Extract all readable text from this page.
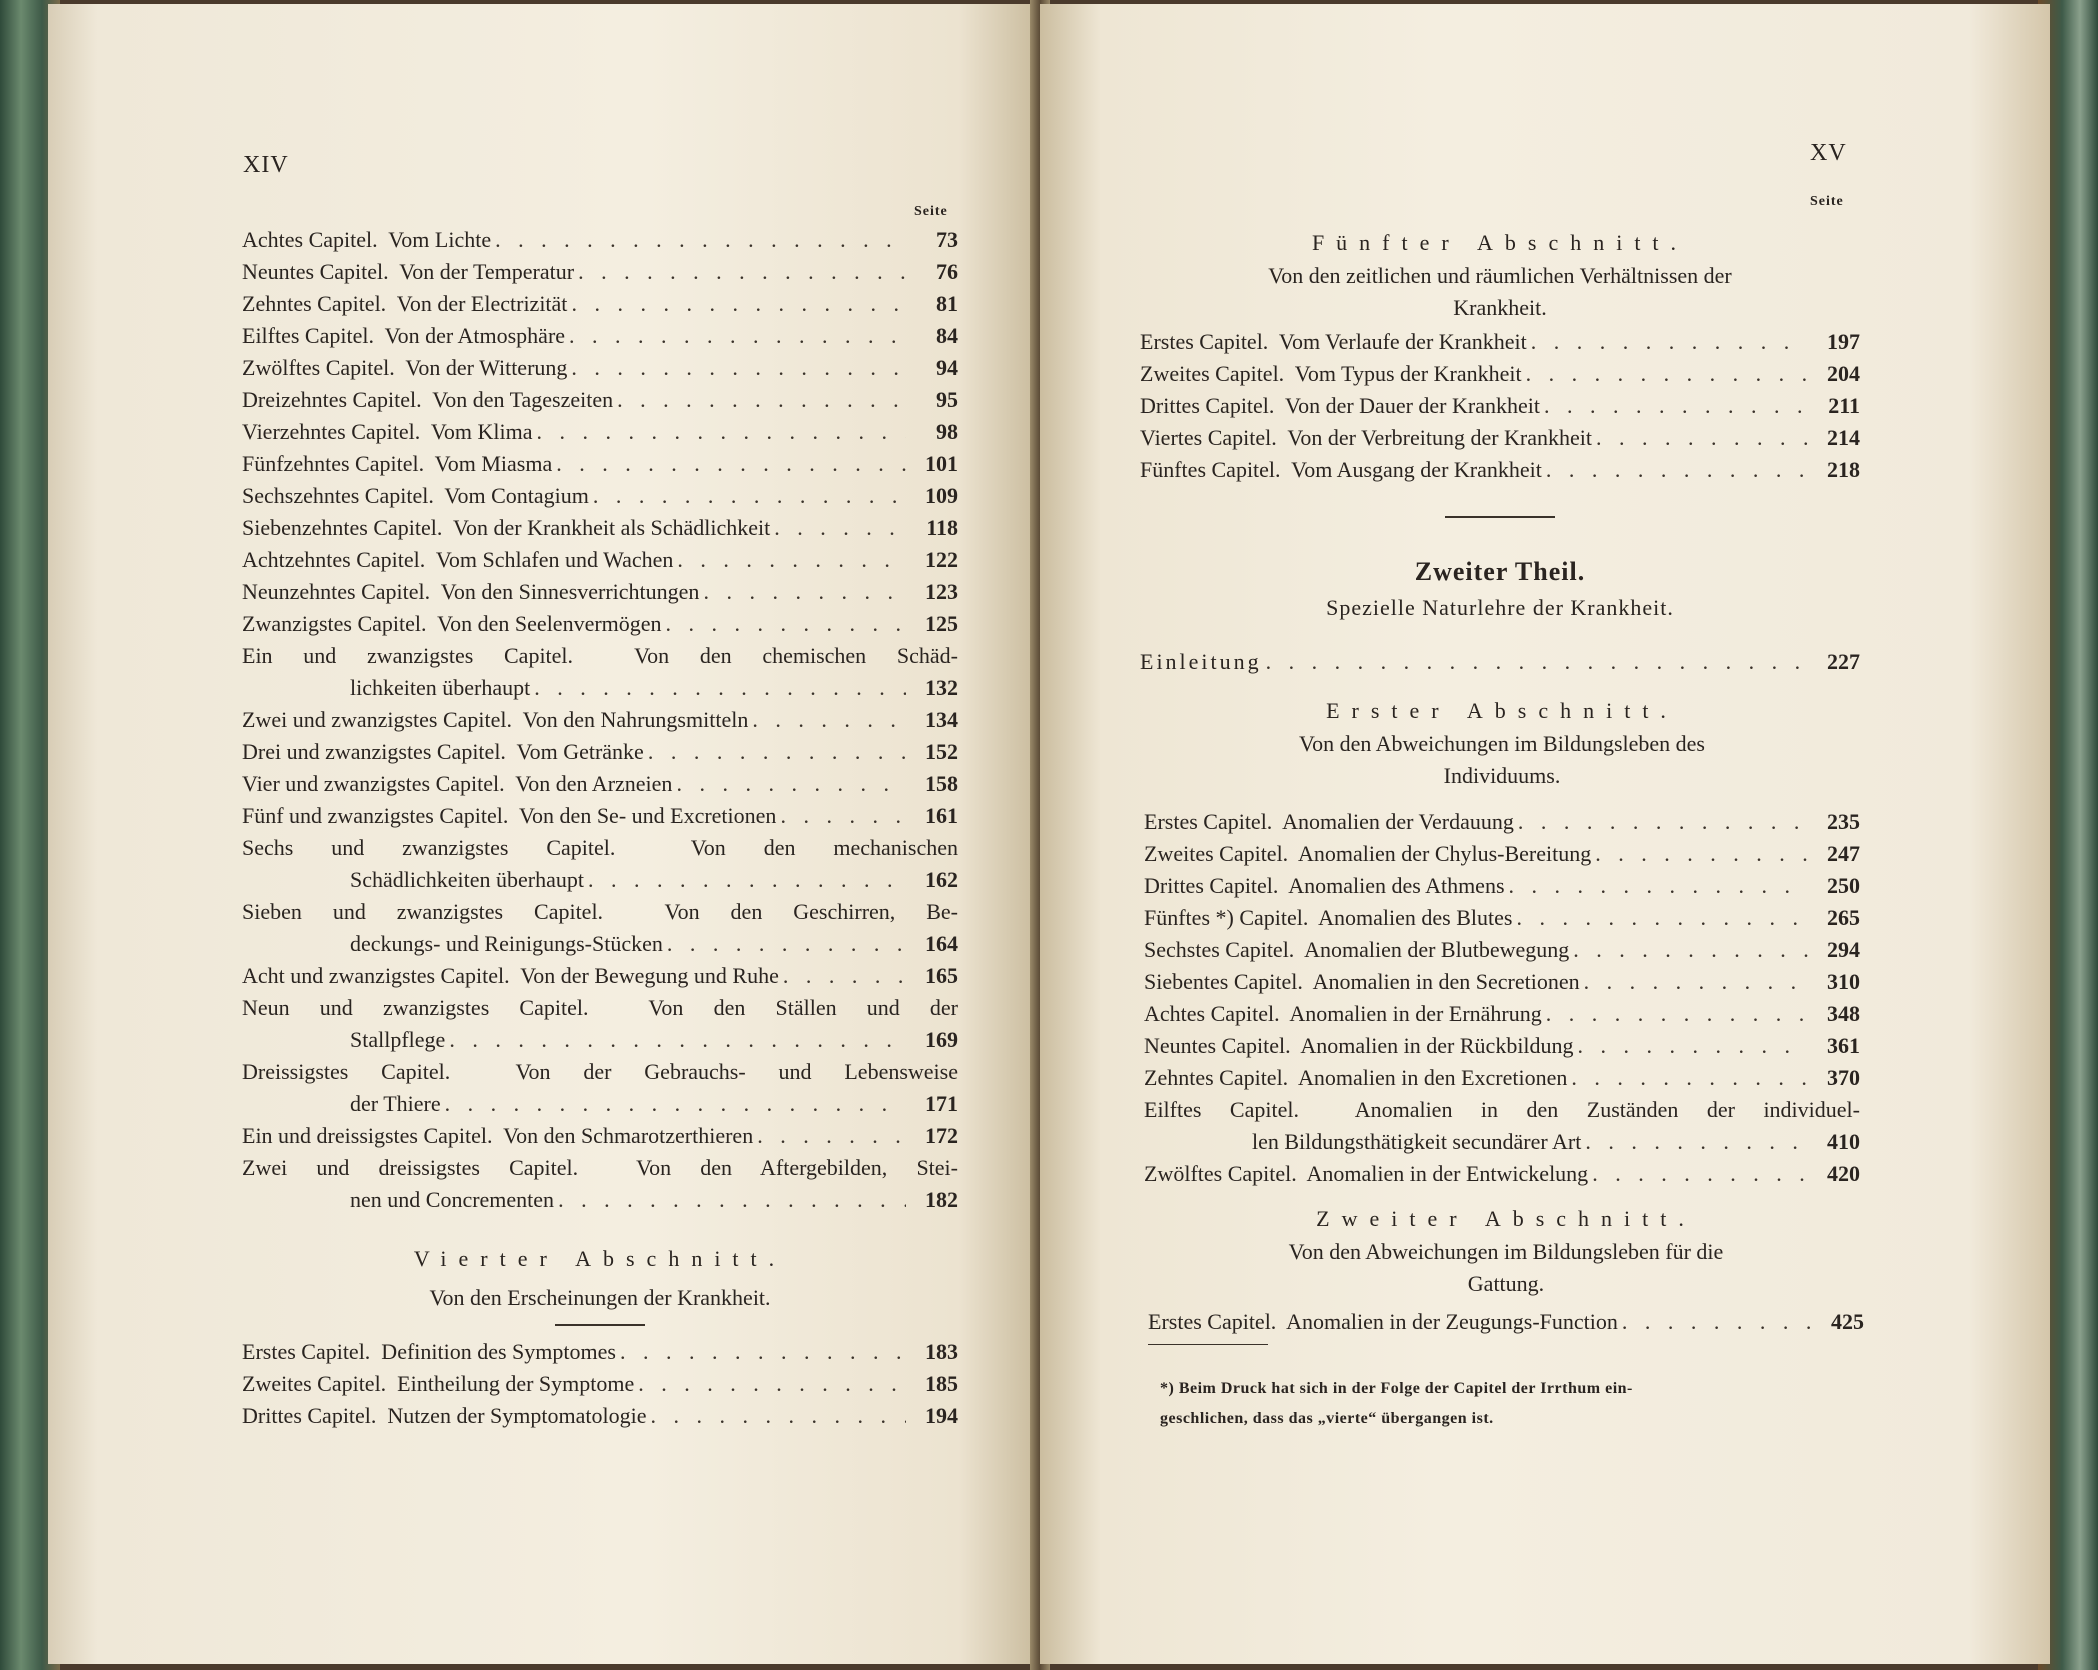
XIV
Seite
Achtes Capitel.  Vom Lichte . . .	73
Neuntes Capitel.  Von der Temperatur . . .	76
Zehntes Capitel.  Von der Electrizität . . .	81
Eilftes Capitel.  Von der Atmosphäre . . .	84
Zwölftes Capitel.  Von der Witterung . . .	94
Dreizehntes Capitel.  Von den Tageszeiten . . .	95
Vierzehntes Capitel.  Vom Klima . . .	98
Fünfzehntes Capitel.  Vom Miasma . . .	101
Sechszehntes Capitel.  Vom Contagium . . .	109
Siebenzehntes Capitel.  Von der Krankheit als Schädlichkeit . . .	118
Achtzehntes Capitel.  Vom Schlafen und Wachen . . .	122
Neunzehntes Capitel.  Von den Sinnesverrichtungen . . .	123
Zwanzigstes Capitel.  Von den Seelenvermögen . . .	125
Ein und zwanzigstes Capitel.  Von den chemischen Schäd-
lichkeiten überhaupt . . .	132
Zwei und zwanzigstes Capitel.  Von den Nahrungsmitteln . . .	134
Drei und zwanzigstes Capitel.  Vom Getränke . . .	152
Vier und zwanzigstes Capitel.  Von den Arzneien . . .	158
Fünf und zwanzigstes Capitel.  Von den Se- und Excretionen . . .	161
Sechs und zwanzigstes Capitel.  Von den mechanischen
Schädlichkeiten überhaupt . . .	162
Sieben und zwanzigstes Capitel.  Von den Geschirren, Be-
deckungs- und Reinigungs-Stücken . . .	164
Acht und zwanzigstes Capitel.  Von der Bewegung und Ruhe . . .	165
Neun und zwanzigstes Capitel.  Von den Ställen und der
Stallpflege . . .	169
Dreissigstes Capitel.  Von der Gebrauchs- und Lebensweise
der Thiere . . .	171
Ein und dreissigstes Capitel.  Von den Schmarotzerthieren . . .	172
Zwei und dreissigstes Capitel.  Von den Aftergebilden, Stei-
nen und Concrementen . . .	182
Vierter Abschnitt.
Von den Erscheinungen der Krankheit.
Erstes Capitel.  Definition des Symptomes . . .	183
Zweites Capitel.  Eintheilung der Symptome . . .	185
Drittes Capitel.  Nutzen der Symptomatologie . . .	194
XV
Seite
Fünfter Abschnitt.
Von den zeitlichen und räumlichen Verhältnissen der
Krankheit.
Erstes Capitel.  Vom Verlaufe der Krankheit . . .	197
Zweites Capitel.  Vom Typus der Krankheit . . .	204
Drittes Capitel.  Von der Dauer der Krankheit . . .	211
Viertes Capitel.  Von der Verbreitung der Krankheit . . .	214
Fünftes Capitel.  Vom Ausgang der Krankheit . . .	218
Zweiter Theil.
Spezielle Naturlehre der Krankheit.
Einleitung . . .	227
Erster Abschnitt.
Von den Abweichungen im Bildungsleben des
Individuums.
Erstes Capitel.  Anomalien der Verdauung . . .	235
Zweites Capitel.  Anomalien der Chylus-Bereitung . . .	247
Drittes Capitel.  Anomalien des Athmens . . .	250
Fünftes *) Capitel.  Anomalien des Blutes . . .	265
Sechstes Capitel.  Anomalien der Blutbewegung . . .	294
Siebentes Capitel.  Anomalien in den Secretionen . . .	310
Achtes Capitel.  Anomalien in der Ernährung . . .	348
Neuntes Capitel.  Anomalien in der Rückbildung . . .	361
Zehntes Capitel.  Anomalien in den Excretionen . . .	370
Eilftes Capitel.  Anomalien in den Zuständen der individuel-
len Bildungsthätigkeit secundärer Art . . .	410
Zwölftes Capitel.  Anomalien in der Entwickelung . . .	420
Zweiter Abschnitt.
Von den Abweichungen im Bildungsleben für die
Gattung.
Erstes Capitel.  Anomalien in der Zeugungs-Function . . .	425
*) Beim Druck hat sich in der Folge der Capitel der Irrthum ein-
geschlichen, dass das „vierte“ übergangen ist.
